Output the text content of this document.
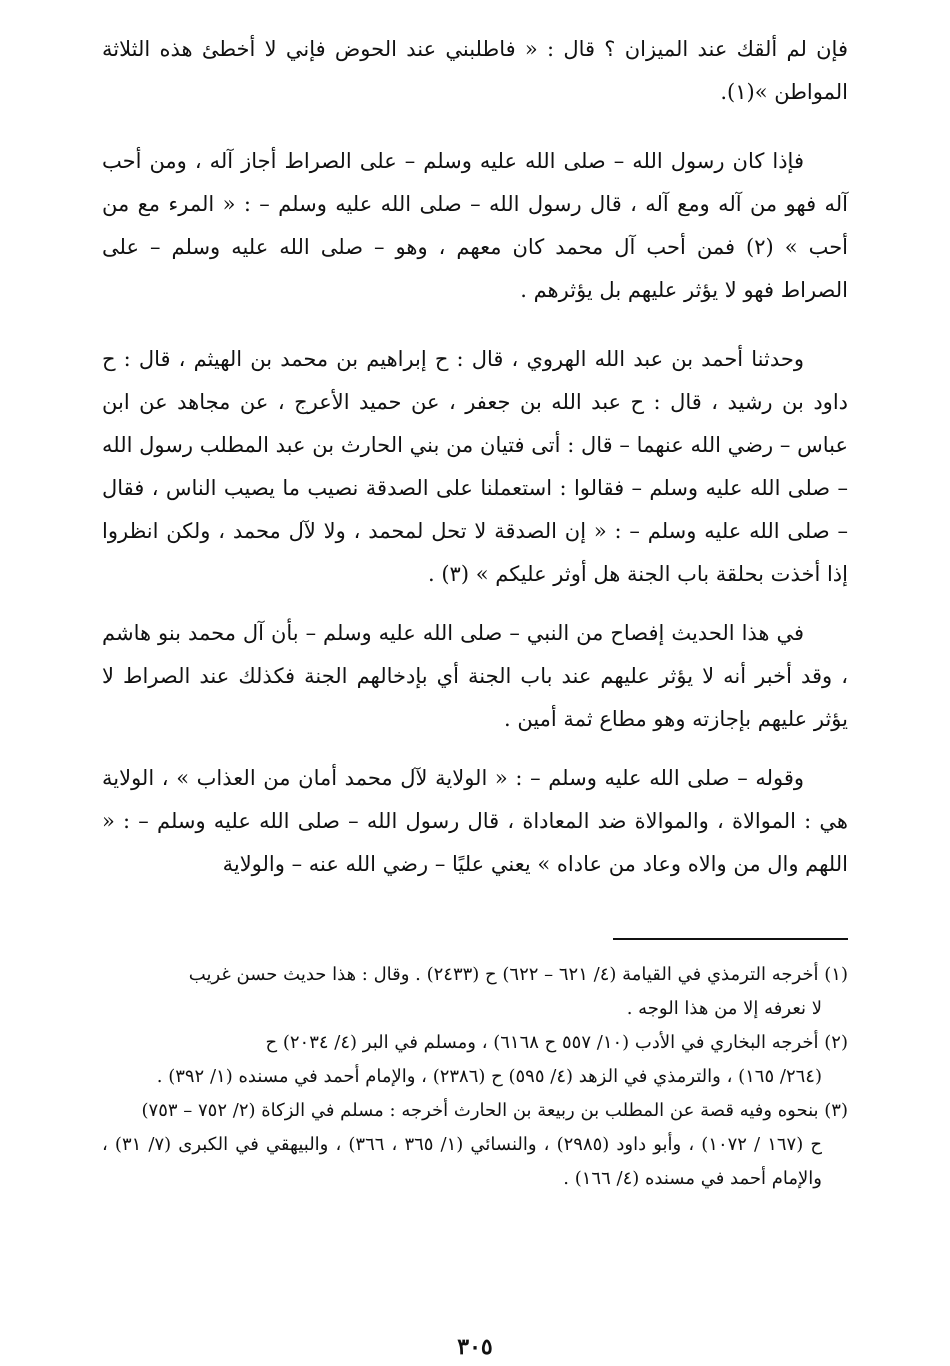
فإن لم ألقك عند الميزان ؟ قال : « فاطلبني عند الحوض فإني لا أخطئ هذه الثلاثة المواطن »(١).

فإذا كان رسول الله – صلى الله عليه وسلم – على الصراط أجاز آله ، ومن أحب آله فهو من آله ومع آله ، قال رسول الله – صلى الله عليه وسلم – : « المرء مع من أحب » (٢) فمن أحب آل محمد كان معهم ، وهو – صلى الله عليه وسلم – على الصراط فهو لا يؤثر عليهم بل يؤثرهم .

وحدثنا أحمد بن عبد الله الهروي ، قال : ح إبراهيم بن محمد بن الهيثم ، قال : ح داود بن رشيد ، قال : ح عبد الله بن جعفر ، عن حميد الأعرج ، عن مجاهد عن ابن عباس – رضي الله عنهما – قال : أتى فتيان من بني الحارث بن عبد المطلب رسول الله – صلى الله عليه وسلم – فقالوا : استعملنا على الصدقة نصيب ما يصيب الناس ، فقال – صلى الله عليه وسلم – : « إن الصدقة لا تحل لمحمد ، ولا لآل محمد ، ولكن انظروا إذا أخذت بحلقة باب الجنة هل أوثر عليكم » (٣) .

في هذا الحديث إفصاح من النبي – صلى الله عليه وسلم – بأن آل محمد بنو هاشم ، وقد أخبر أنه لا يؤثر عليهم عند باب الجنة أي بإدخالهم الجنة فكذلك عند الصراط لا يؤثر عليهم بإجازته وهو مطاع ثمة أمين .

وقوله – صلى الله عليه وسلم – : « الولاية لآل محمد أمان من العذاب » ، الولاية هي : الموالاة ، والموالاة ضد المعاداة ، قال رسول الله – صلى الله عليه وسلم – : « اللهم وال من والاه وعاد من عاداه » يعني عليًا – رضي الله عنه – والولاية

(١) أخرجه الترمذي في القيامة (٤/ ٦٢١ – ٦٢٢) ح (٢٤٣٣) . وقال : هذا حديث حسن غريب

لا نعرفه إلا من هذا الوجه .

(٢) أخرجه البخاري في الأدب (١٠/ ٥٥٧ ح ٦١٦٨) ، ومسلم في البر (٤/ ٢٠٣٤) ح

(٢٦٤/ ١٦٥) ، والترمذي في الزهد (٤/ ٥٩٥) ح (٢٣٨٦) ، والإمام أحمد في مسنده (١/ ٣٩٢) .

(٣) بنحوه وفيه قصة عن المطلب بن ربيعة بن الحارث أخرجه : مسلم في الزكاة (٢/ ٧٥٢ – ٧٥٣)

ح (١٦٧ / ١٠٧٢) ، وأبو داود (٢٩٨٥) ، والنسائي (١/ ٣٦٥ ، ٣٦٦) ، والبيهقي في الكبرى (٧/ ٣١) ، والإمام أحمد في مسنده (٤/ ١٦٦) .

٣٠٥
